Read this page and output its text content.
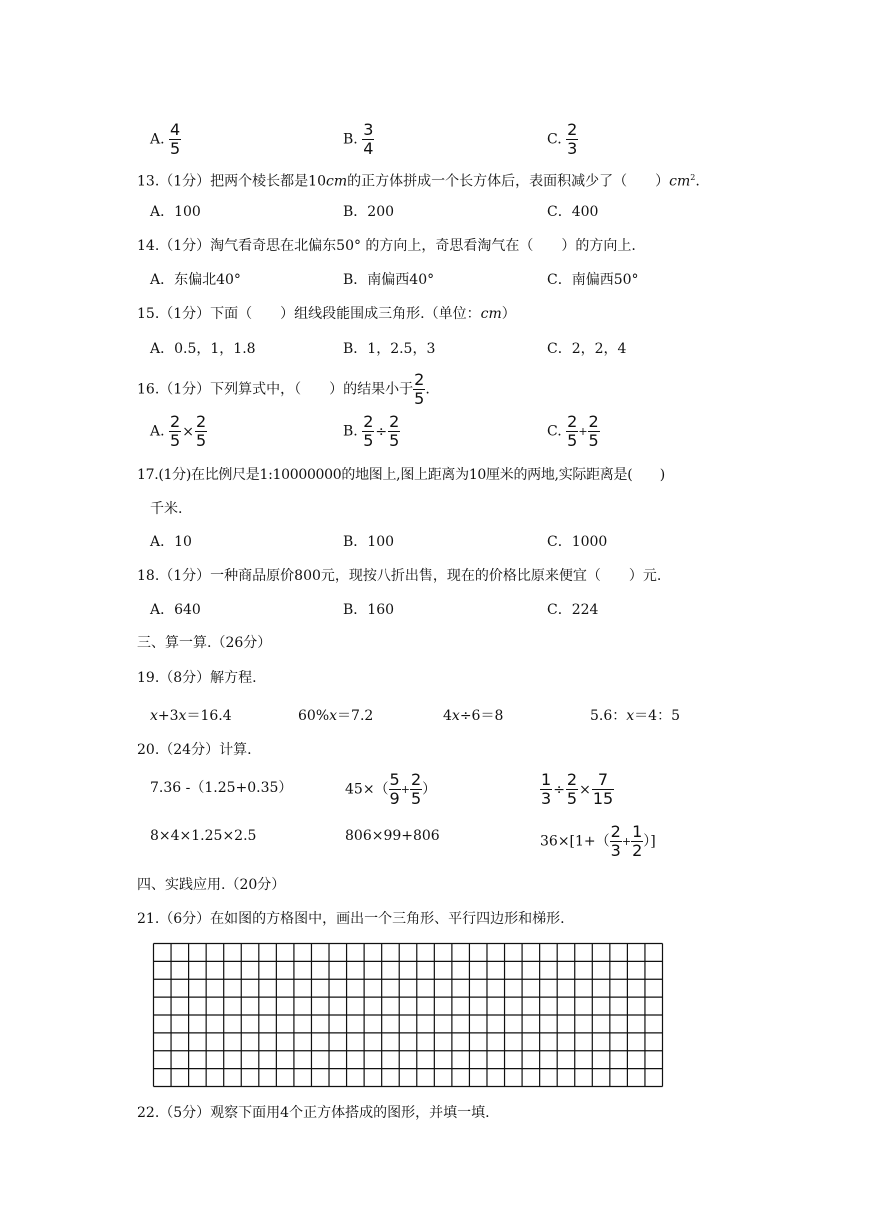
A. $\frac{4}{5}$	B. $\frac{3}{4}$	C. $\frac{2}{3}$
13.（1分）把两个棱长都是10cm的正方体拼成一个长方体后，表面积减少了（　　）$cm^2$.
A．100	B．200	C．400
14.（1分）淘气看奇思在北偏东50° 的方向上，奇思看淘气在（　　）的方向上.
A．东偏北40°	B．南偏西40°	C．南偏西50°
15.（1分）下面（　　）组线段能围成三角形.（单位：cm）
A．0.5，1，1.8	B．1，2.5，3	C．2，2，4
16.（1分）下列算式中，（　　）的结果小于 $\frac{2}{5}$ .
A. $\frac{2}{5} \times \frac{2}{5}$	B. $\frac{2}{5} \div \frac{2}{5}$	C. $\frac{2}{5} + \frac{2}{5}$
17.(1分)在比例尺是1:10000000的地图上,图上距离为10厘米的两地,实际距离是(　　)
千米.
A．10	B．100	C．1000
18.（1分）一种商品原价800元，现按八折出售，现在的价格比原来便宜（　　）元.
A．640	B．160	C．224
三、算一算.（26分）
19.（8分）解方程.
x+3x＝16.4	60%x＝7.2	4x÷6＝8	5.6：x＝4：5
20.（24分）计算.
7.36 -（1.25+0.35）	$45\times( \frac{5}{9} + \frac{2}{5}$ ）	$\frac{1}{3} \div \frac{2}{5} \times \frac{7}{15}$
8×4×1.25×2.5	806×99+806	$36\times[1+( \frac{2}{3} + \frac{1}{2}$ ）]
四、实践应用.（20分）
21.（6分）在如图的方格图中，画出一个三角形、平行四边形和梯形.
22.（5分）观察下面用4个正方体搭成的图形，并填一填.
